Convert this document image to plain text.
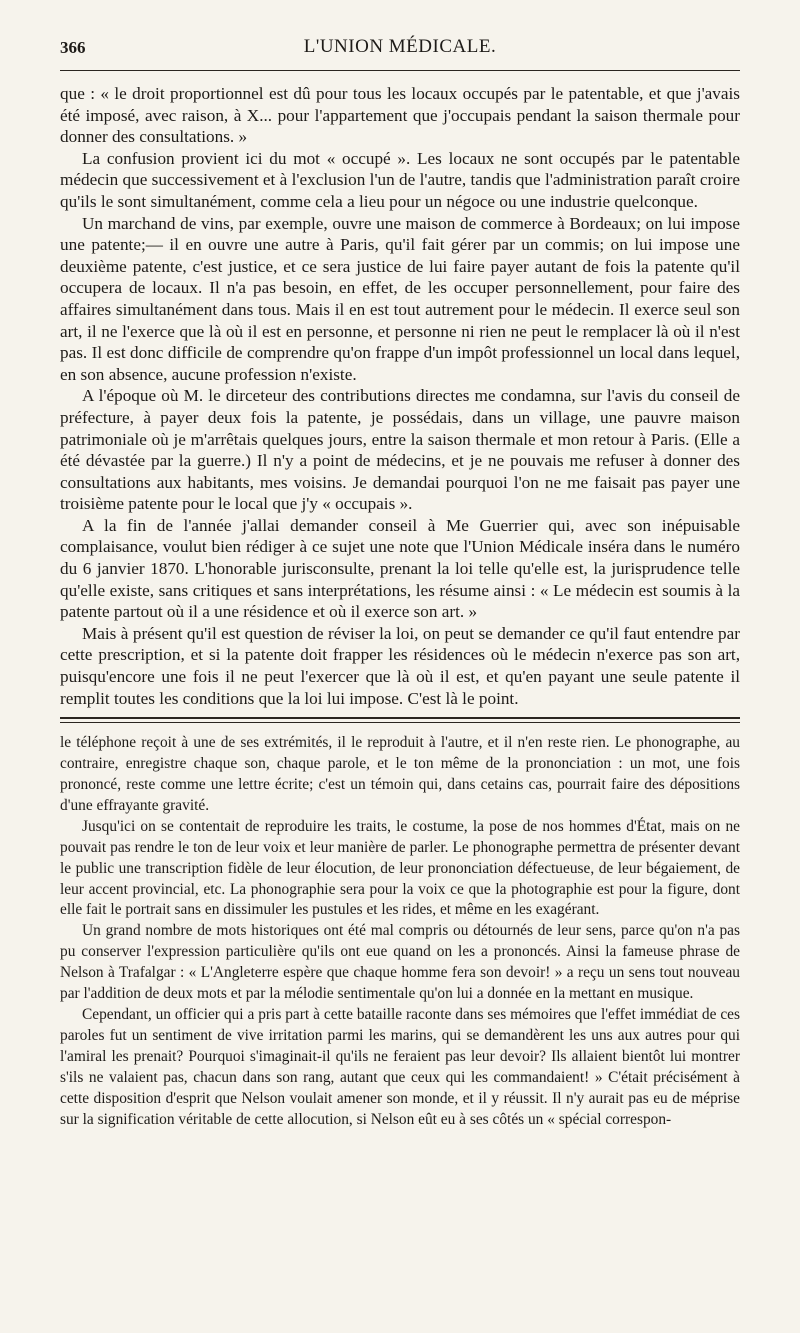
366	L'UNION MÉDICALE.

que : « le droit proportionnel est dû pour tous les locaux occupés par le patentable, et que j'avais été imposé, avec raison, à X... pour l'appartement que j'occupais pendant la saison thermale pour donner des consultations. »

La confusion provient ici du mot « occupé ». Les locaux ne sont occupés par le patentable médecin que successivement et à l'exclusion l'un de l'autre, tandis que l'administration paraît croire qu'ils le sont simultanément, comme cela a lieu pour un négoce ou une industrie quelconque.

Un marchand de vins, par exemple, ouvre une maison de commerce à Bordeaux; on lui impose une patente;— il en ouvre une autre à Paris, qu'il fait gérer par un commis; on lui impose une deuxième patente, c'est justice, et ce sera justice de lui faire payer autant de fois la patente qu'il occupera de locaux. Il n'a pas besoin, en effet, de les occuper personnellement, pour faire des affaires simultanément dans tous. Mais il en est tout autrement pour le médecin. Il exerce seul son art, il ne l'exerce que là où il est en personne, et personne ni rien ne peut le remplacer là où il n'est pas. Il est donc difficile de comprendre qu'on frappe d'un impôt professionnel un local dans lequel, en son absence, aucune profession n'existe.

A l'époque où M. le dirceteur des contributions directes me condamna, sur l'avis du conseil de préfecture, à payer deux fois la patente, je possédais, dans un village, une pauvre maison patrimoniale où je m'arrêtais quelques jours, entre la saison thermale et mon retour à Paris. (Elle a été dévastée par la guerre.) Il n'y a point de médecins, et je ne pouvais me refuser à donner des consultations aux habitants, mes voisins. Je demandai pourquoi l'on ne me faisait pas payer une troisième patente pour le local que j'y « occupais ».

A la fin de l'année j'allai demander conseil à Me Guerrier qui, avec son inépuisable complaisance, voulut bien rédiger à ce sujet une note que l'Union Médicale inséra dans le numéro du 6 janvier 1870. L'honorable jurisconsulte, prenant la loi telle qu'elle est, la jurisprudence telle qu'elle existe, sans critiques et sans interprétations, les résume ainsi : « Le médecin est soumis à la patente partout où il a une résidence et où il exerce son art. »

Mais à présent qu'il est question de réviser la loi, on peut se demander ce qu'il faut entendre par cette prescription, et si la patente doit frapper les résidences où le médecin n'exerce pas son art, puisqu'encore une fois il ne peut l'exercer que là où il est, et qu'en payant une seule patente il remplit toutes les conditions que la loi lui impose. C'est là le point.

le téléphone reçoit à une de ses extrémités, il le reproduit à l'autre, et il n'en reste rien. Le phonographe, au contraire, enregistre chaque son, chaque parole, et le ton même de la prononciation : un mot, une fois prononcé, reste comme une lettre écrite; c'est un témoin qui, dans cetains cas, pourrait faire des dépositions d'une effrayante gravité.

Jusqu'ici on se contentait de reproduire les traits, le costume, la pose de nos hommes d'État, mais on ne pouvait pas rendre le ton de leur voix et leur manière de parler. Le phonographe permettra de présenter devant le public une transcription fidèle de leur élocution, de leur prononciation défectueuse, de leur bégaiement, de leur accent provincial, etc. La phonographie sera pour la voix ce que la photographie est pour la figure, dont elle fait le portrait sans en dissimuler les pustules et les rides, et même en les exagérant.

Un grand nombre de mots historiques ont été mal compris ou détournés de leur sens, parce qu'on n'a pas pu conserver l'expression particulière qu'ils ont eue quand on les a prononcés. Ainsi la fameuse phrase de Nelson à Trafalgar : « L'Angleterre espère que chaque homme fera son devoir! » a reçu un sens tout nouveau par l'addition de deux mots et par la mélodie sentimentale qu'on lui a donnée en la mettant en musique.

Cependant, un officier qui a pris part à cette bataille raconte dans ses mémoires que l'effet immédiat de ces paroles fut un sentiment de vive irritation parmi les marins, qui se demandèrent les uns aux autres pour qui l'amiral les prenait? Pourquoi s'imaginait-il qu'ils ne feraient pas leur devoir? Ils allaient bientôt lui montrer s'ils ne valaient pas, chacun dans son rang, autant que ceux qui les commandaient! » C'était précisément à cette disposition d'esprit que Nelson voulait amener son monde, et il y réussit. Il n'y aurait pas eu de méprise sur la signification véritable de cette allocution, si Nelson eût eu à ses côtés un « spécial correspon-
